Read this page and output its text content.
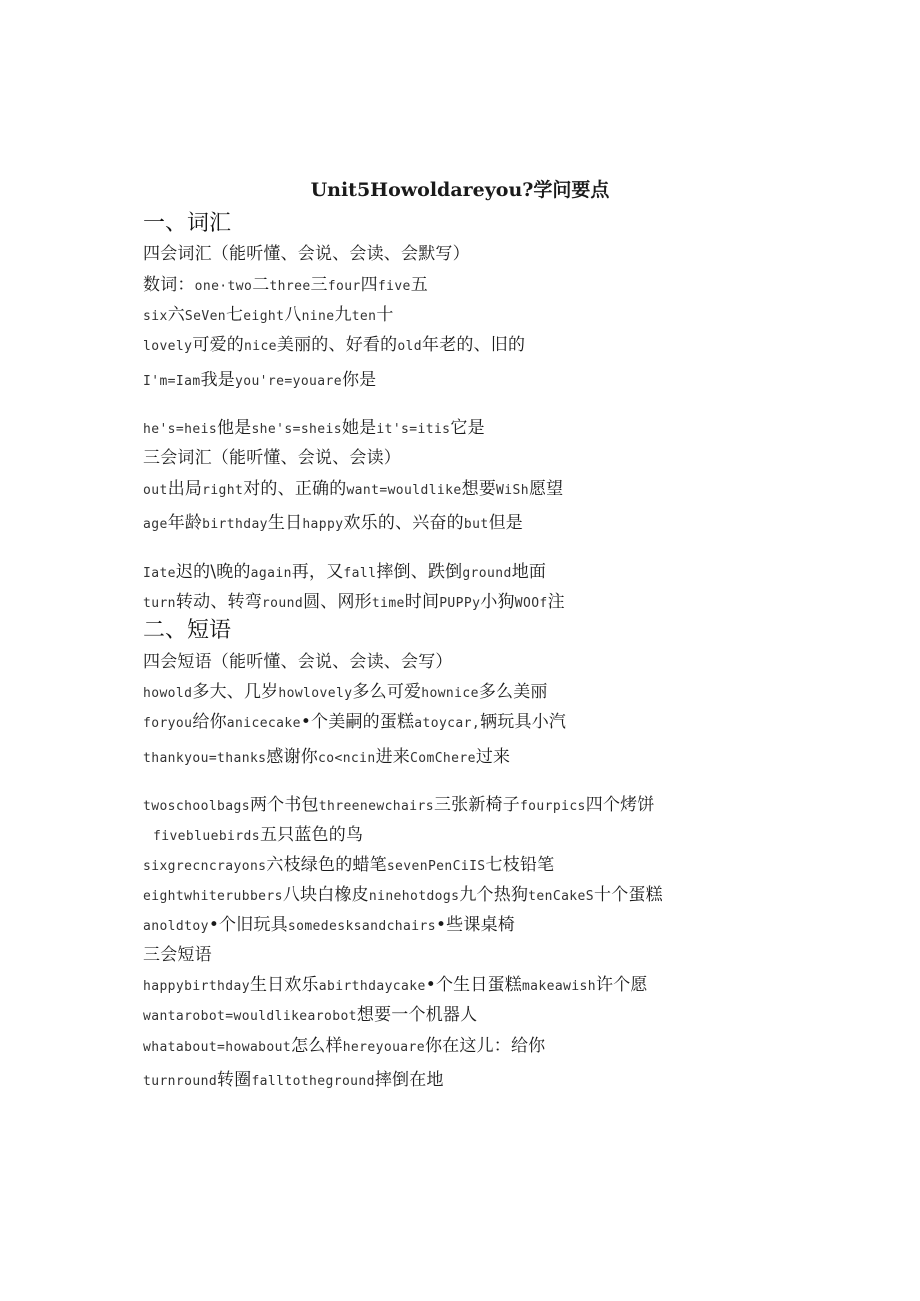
Unit5Howoldareyou?学问要点
一、词汇
四会词汇（能听懂、会说、会读、会默写）
数词：one·two二three三four四five五
six六SeVen七eight八nine九ten十
lovely可爱的nice美丽的、好看的old年老的、旧的
I'm=Iam我是you're=youare你是
he's=heis他是she's=sheis她是it's=itis它是
三会词汇（能听懂、会说、会读）
out出局right对的、正确的want=wouldlike想要WiSh愿望
age年龄birthday生日happy欢乐的、兴奋的but但是
Iate迟的\晚的again再，又fall摔倒、跌倒ground地面
turn转动、转弯round圆、网形time时间PUPPy小狗WOOf注
二、短语
四会短语（能听懂、会说、会读、会写）
howold多大、几岁howlovely多么可爱hownice多么美丽
foryou给你anicecake•个美嗣的蛋糕atoycar,辆玩具小汽
thankyou=thanks感谢你co<ncin进来ComChere过来
twoschoolbags两个书包threenewchairs三张新椅子fourpics四个烤饼
fivebluebirds五只蓝色的鸟
sixgrecncrayons六枝绿色的蜡笔sevenPenCiIS七枝铅笔
eightwhiterubbers八块白橡皮ninehotdogs九个热狗tenCakeS十个蛋糕
anoldtoy•个旧玩具somedesksandchairs•些课桌椅
三会短语
happybirthday生日欢乐abirthdaycake•个生日蛋糕makeawish许个愿
wantarobot=wouldlikearobot想要一个机器人
whatabout=howabout怎么样hereyouare你在这儿：给你
turnround转圈falltotheground摔倒在地
